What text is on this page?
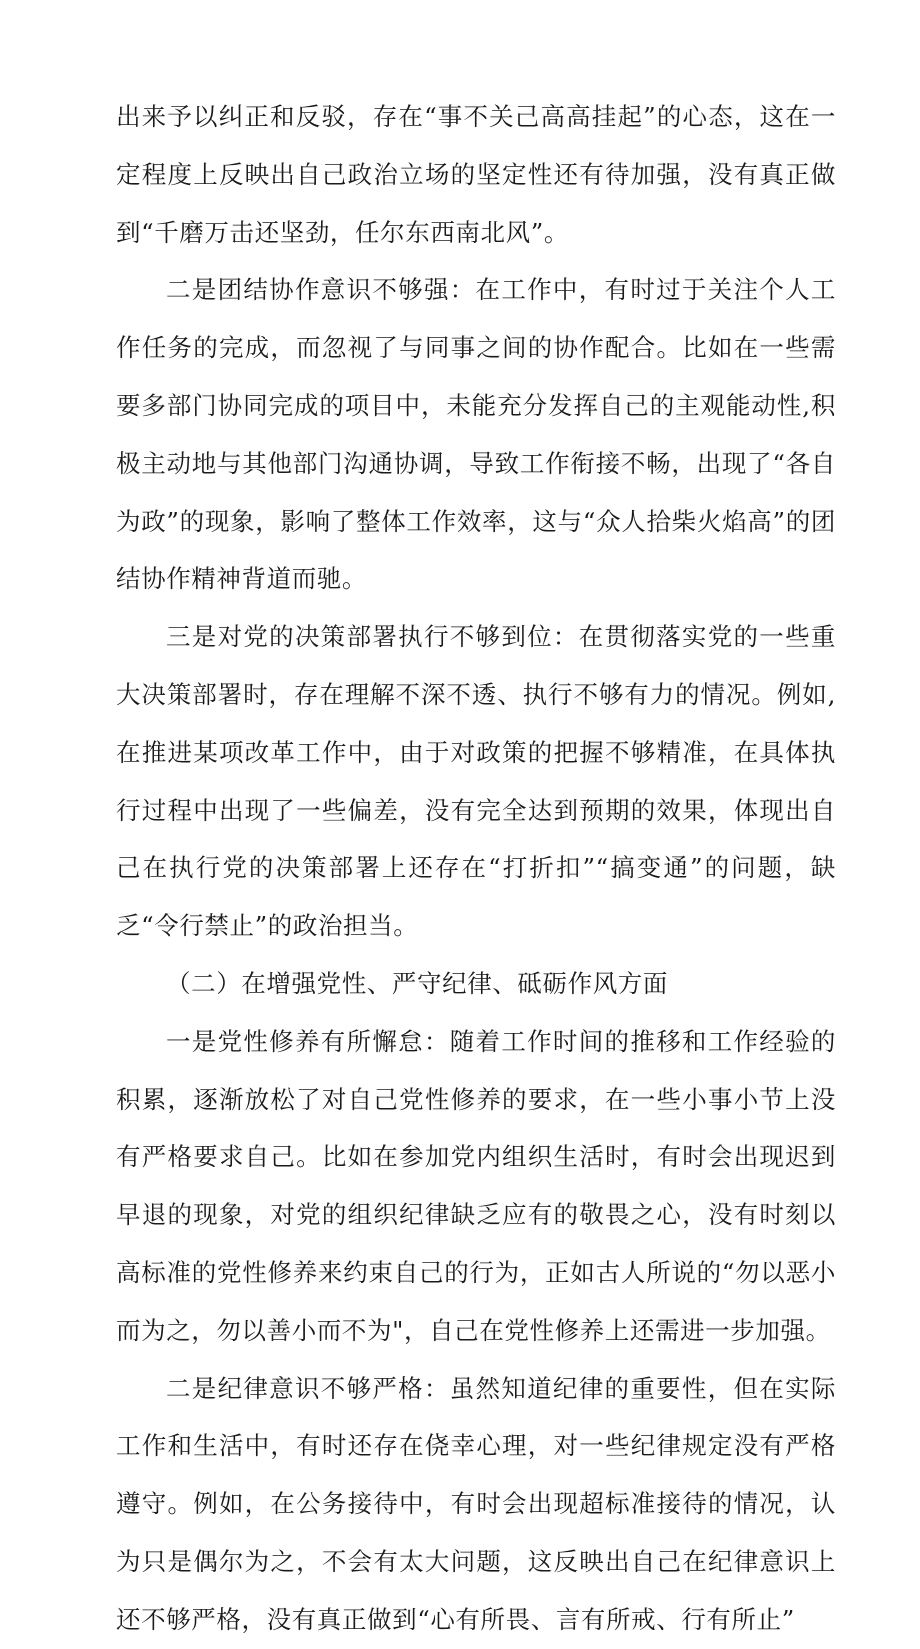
出来予以纠正和反驳，存在“事不关己高高挂起”的心态，这在一定程度上反映出自己政治立场的坚定性还有待加强，没有真正做到“千磨万击还坚劲，任尔东西南北风”。

二是团结协作意识不够强：在工作中，有时过于关注个人工作任务的完成，而忽视了与同事之间的协作配合。比如在一些需要多部门协同完成的项目中，未能充分发挥自己的主观能动性,积极主动地与其他部门沟通协调，导致工作衔接不畅，出现了“各自为政”的现象，影响了整体工作效率，这与“众人拾柴火焰高”的团结协作精神背道而驰。

三是对党的决策部署执行不够到位：在贯彻落实党的一些重大决策部署时，存在理解不深不透、执行不够有力的情况。例如,在推进某项改革工作中，由于对政策的把握不够精准，在具体执行过程中出现了一些偏差，没有完全达到预期的效果，体现出自己在执行党的决策部署上还存在“打折扣”“搞变通”的问题，缺乏“令行禁止”的政治担当。

（二）在增强党性、严守纪律、砥砺作风方面

一是党性修养有所懈怠：随着工作时间的推移和工作经验的积累，逐渐放松了对自己党性修养的要求，在一些小事小节上没有严格要求自己。比如在参加党内组织生活时，有时会出现迟到早退的现象，对党的组织纪律缺乏应有的敬畏之心，没有时刻以高标准的党性修养来约束自己的行为，正如古人所说的“勿以恶小而为之，勿以善小而不为"，自己在党性修养上还需进一步加强。

二是纪律意识不够严格：虽然知道纪律的重要性，但在实际工作和生活中，有时还存在侥幸心理，对一些纪律规定没有严格遵守。例如，在公务接待中，有时会出现超标准接待的情况，认为只是偶尔为之，不会有太大问题，这反映出自己在纪律意识上还不够严格，没有真正做到“心有所畏、言有所戒、行有所止”
